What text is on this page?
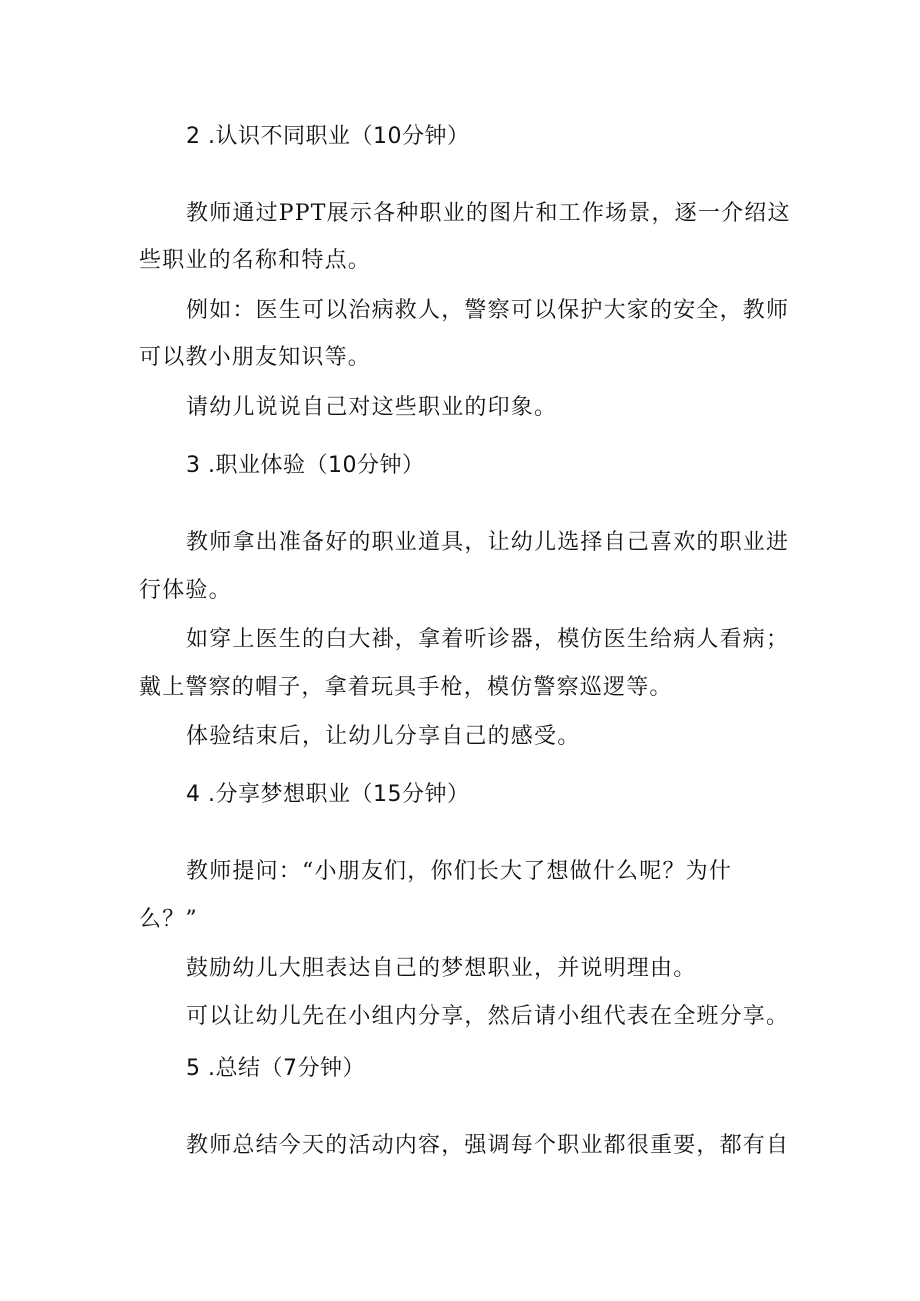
2 .认识不同职业（10分钟）
教师通过PPT展示各种职业的图片和工作场景，逐一介绍这
些职业的名称和特点。
例如：医生可以治病救人，警察可以保护大家的安全，教师
可以教小朋友知识等。
请幼儿说说自己对这些职业的印象。
3 .职业体验（10分钟）
教师拿出准备好的职业道具，让幼儿选择自己喜欢的职业进
行体验。
如穿上医生的白大褂，拿着听诊器，模仿医生给病人看病；
戴上警察的帽子，拿着玩具手枪，模仿警察巡逻等。
体验结束后，让幼儿分享自己的感受。
4 .分享梦想职业（15分钟）
教师提问：“小朋友们，你们长大了想做什么呢？为什
么？”
鼓励幼儿大胆表达自己的梦想职业，并说明理由。
可以让幼儿先在小组内分享，然后请小组代表在全班分享。
5 .总结（7分钟）
教师总结今天的活动内容，强调每个职业都很重要，都有自
